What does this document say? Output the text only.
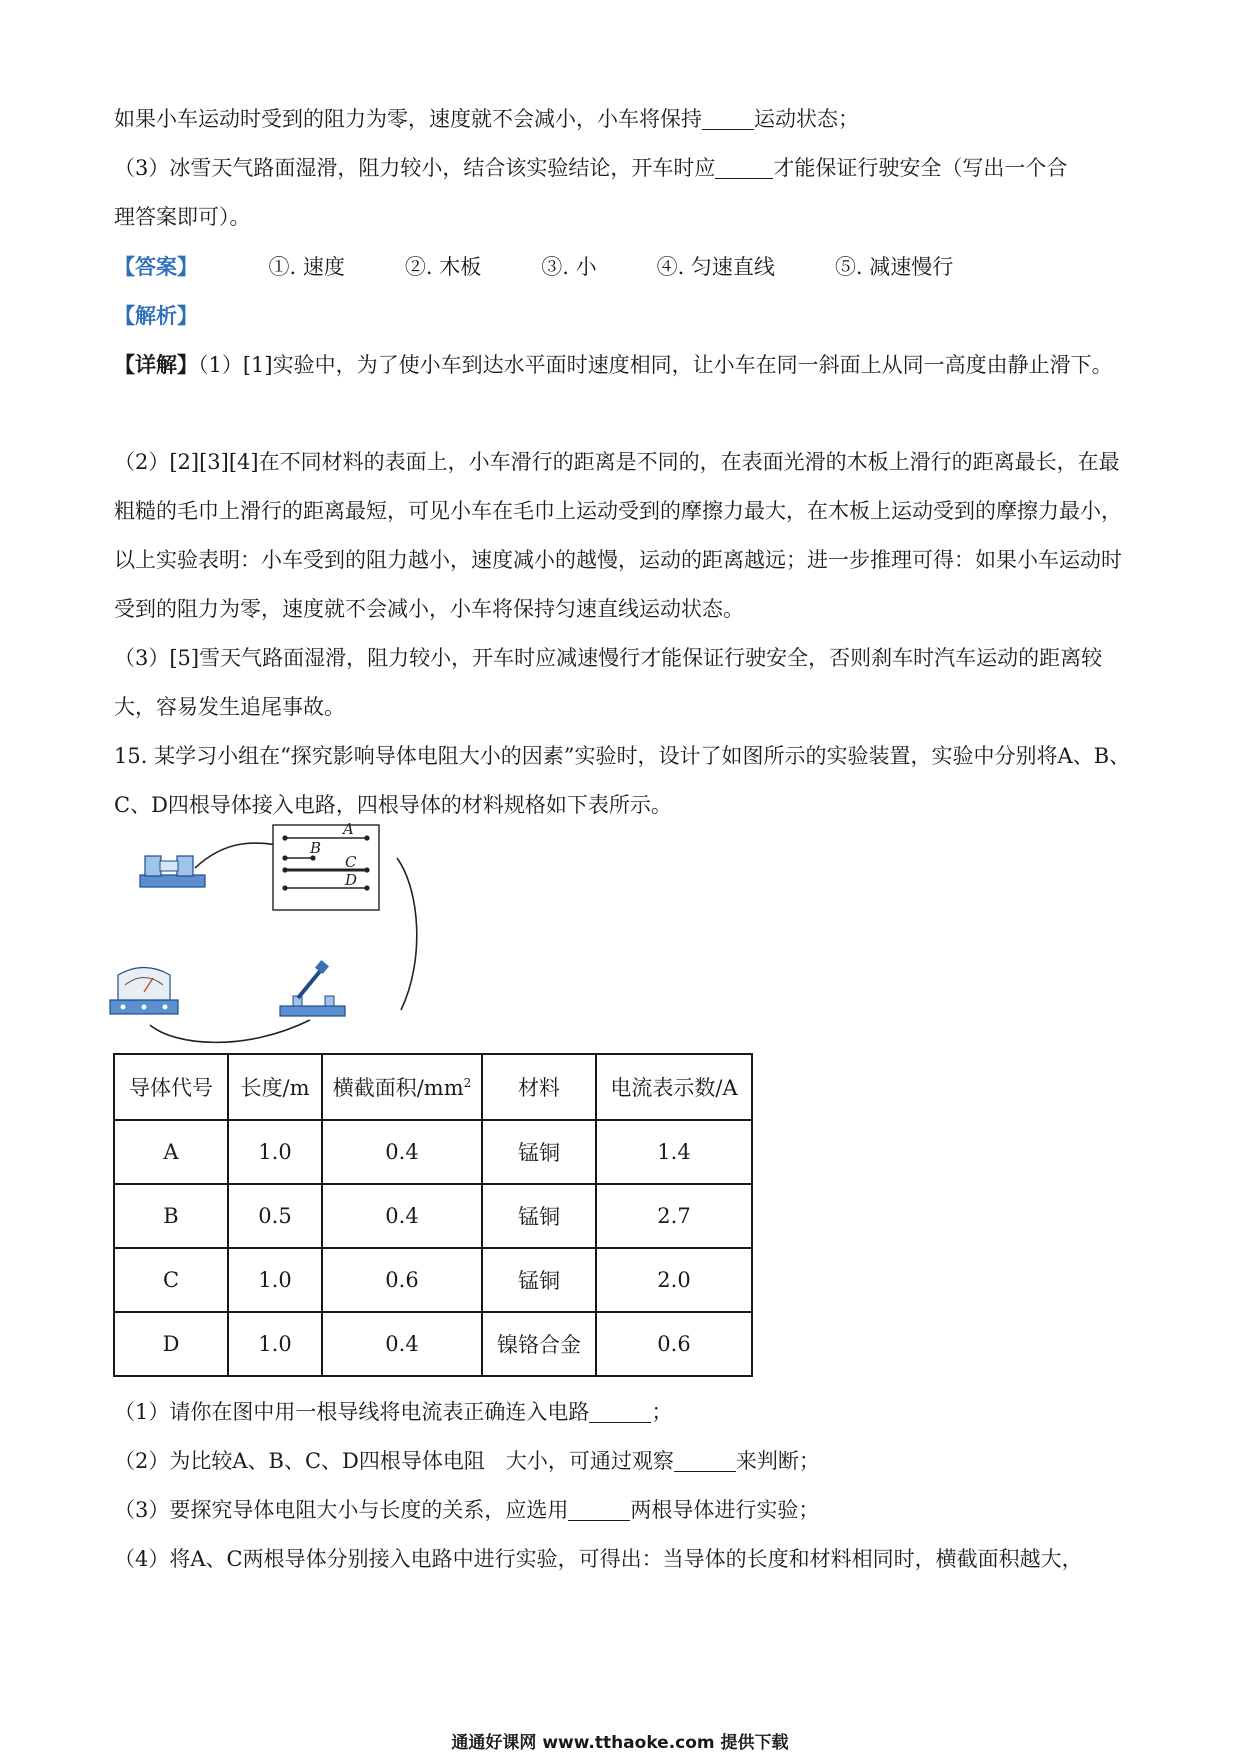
如果小车运动时受到的阻力为零，速度就不会减小，小车将保持 运动状态；

（3）冰雪天气路面湿滑，阻力较小，结合该实验结论，开车时应	才能保证行驶安全（写出一个合

理答案即可）。

【答案】　	①. 速度	②. 木板	③. 小	④. 匀速直线	⑤. 减速慢行

【解析】

【详解】（1）[1]实验中，为了使小车到达水平面时速度相同，让小车在同一斜面上从同一高度由静止滑下。

（2）[2][3][4]在不同材料的表面上，小车滑行的距离是不同的，在表面光滑的木板上滑行的距离最长，在最粗糙的毛巾上滑行的距离最短，可见小车在毛巾上运动受到的摩擦力最大，在木板上运动受到的摩擦力最小，以上实验表明：小车受到的阻力越小，速度减小的越慢，运动的距离越远；进一步推理可得：如果小车运动时受到的阻力为零，速度就不会减小，小车将保持匀速直线运动状态。

（3）[5]雪天气路面湿滑，阻力较小，开车时应减速慢行才能保证行驶安全，否则刹车时汽车运动的距离较大，容易发生追尾事故。

15. 某学习小组在“探究影响导体电阻大小的因素”实验时，设计了如图所示的实验装置，实验中分别将A、B、C、D四根导体接入电路，四根导体的材料规格如下表所示。

A
B
C
D
导体代号	长度/m	横截面积$/mm^2$	材料	电流表示数/A
A	1.0	0.4	锰铜	1.4
B	0.5	0.4	锰铜	2.7
C	1.0	0.6	锰铜	2.0
D	1.0	0.4	镍铬合金	0.6

（1）请你在图中用一根导线将电流表正确连入电路	；

（2）为比较A、B、C、D四根导体电阻　大小，可通过观察	来判断；

（3）要探究导体电阻大小与长度的关系，应选用	两根导体进行实验；

（4）将A、C两根导体分别接入电路中进行实验，可得出：当导体的长度和材料相同时，横截面积越大，

通通好课网 www.tthaoke.com 提供下载
